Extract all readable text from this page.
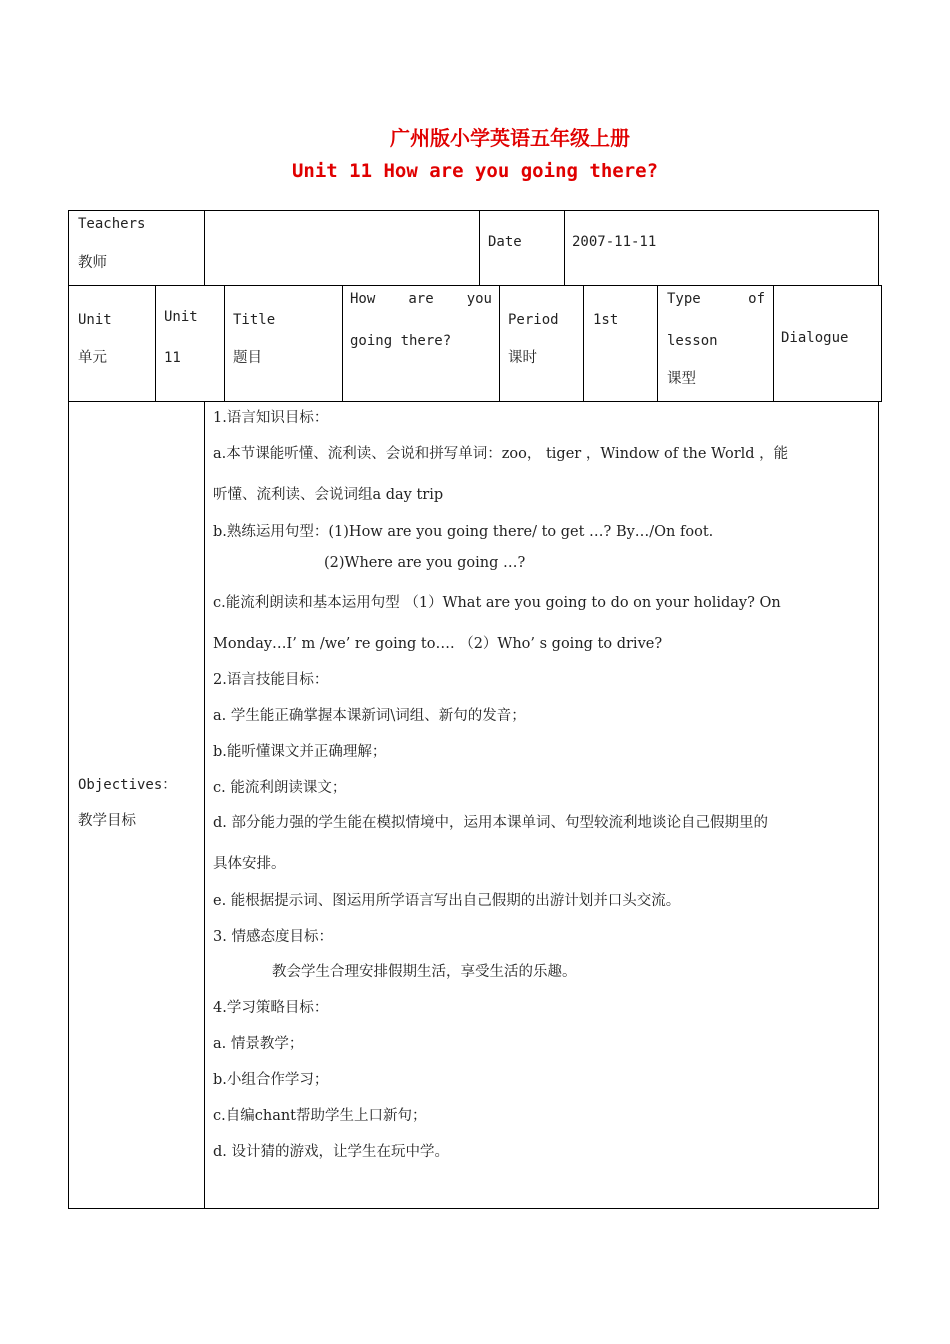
广州版小学英语五年级上册
Unit 11 How are you going there?
Teachers
教师
Date	2007-11-11
Unit
单元
Unit
11
Title
题目
How are you
going there?
Period
课时
1st
Type	of
lesson
课型
Dialogue
Objectives：
教学目标
1.语言知识目标：
a.本节课能听懂、流利读、会说和拼写单词：zoo， tiger ，Window of the World ，能
听懂、流利读、会说词组a day trip
b.熟练运用句型：(1)How are you going there/ to get …? By…/On foot.
(2)Where are you going …?
c.能流利朗读和基本运用句型 （1）What are you going to do on your holiday? On
Monday…I’ m /we’ re going to…. （2）Who’ s going to drive?
2.语言技能目标：
a. 学生能正确掌握本课新词\词组、新句的发音；
b.能听懂课文并正确理解；
c. 能流利朗读课文；
d. 部分能力强的学生能在模拟情境中，运用本课单词、句型较流利地谈论自己假期里的
具体安排。
e. 能根据提示词、图运用所学语言写出自己假期的出游计划并口头交流。
3. 情感态度目标：
教会学生合理安排假期生活，享受生活的乐趣。
4.学习策略目标：
a. 情景教学；
b.小组合作学习；
c.自编chant帮助学生上口新句；
d. 设计猜的游戏，让学生在玩中学。
